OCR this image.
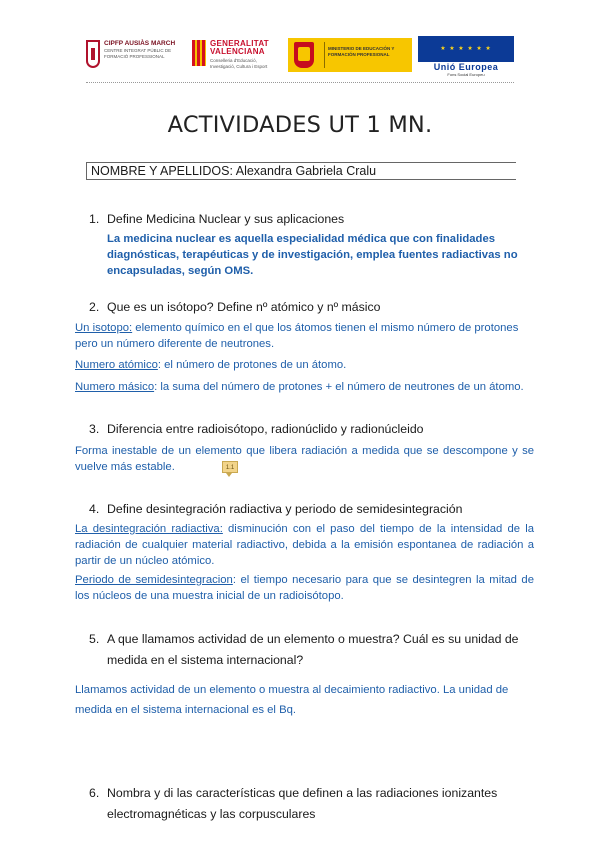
CIPFP AUSIÀS MARCH
CENTRE INTEGRAT PÚBLIC DE FORMACIÓ PROFESSIONAL
GENERALITAT
VALENCIANA
Conselleria d'Educació, Investigació, Cultura i Esport
MINISTERIO DE EDUCACIÓN Y FORMACIÓN PROFESIONAL
★ ★ ★ ★ ★ ★
Unió Europea
Fons Social Europeu
ACTIVIDADES UT 1 MN.
NOMBRE Y APELLIDOS: Alexandra Gabriela Cralu
1. Define Medicina Nuclear y sus aplicaciones
La medicina nuclear es aquella especialidad médica que con finalidades diagnósticas, terapéuticas y de investigación, emplea fuentes radiactivas no encapsuladas, según OMS.
2. Que es un isótopo? Define nº atómico y nº másico
Un isotopo: elemento químico en el que los átomos tienen el mismo número de protones pero un número diferente de neutrones.
Numero atómico: el número de protones de un átomo.
Numero másico: la suma del número de protones + el número de neutrones de un átomo.
3. Diferencia entre radioisótopo, radionúclido y radionúcleido
Forma inestable de un elemento que libera radiación a medida que se descompone y se vuelve más estable.	1.1
4. Define desintegración radiactiva y periodo de semidesintegración
La desintegración radiactiva: disminución con el paso del tiempo de la intensidad de la radiación de cualquier material radiactivo, debida a la emisión espontanea de radiación a partir de un núcleo atómico.
Periodo de semidesintegracion: el tiempo necesario para que se desintegren la mitad de los núcleos de una muestra inicial de un radioisótopo.
5. A que llamamos actividad de un elemento o muestra? Cuál es su unidad de
medida en el sistema internacional?
Llamamos actividad de un elemento o muestra al decaimiento radiactivo. La unidad de medida en el sistema internacional es el Bq.
6. Nombra y di las características que definen a las radiaciones ionizantes
electromagnéticas y las corpusculares
